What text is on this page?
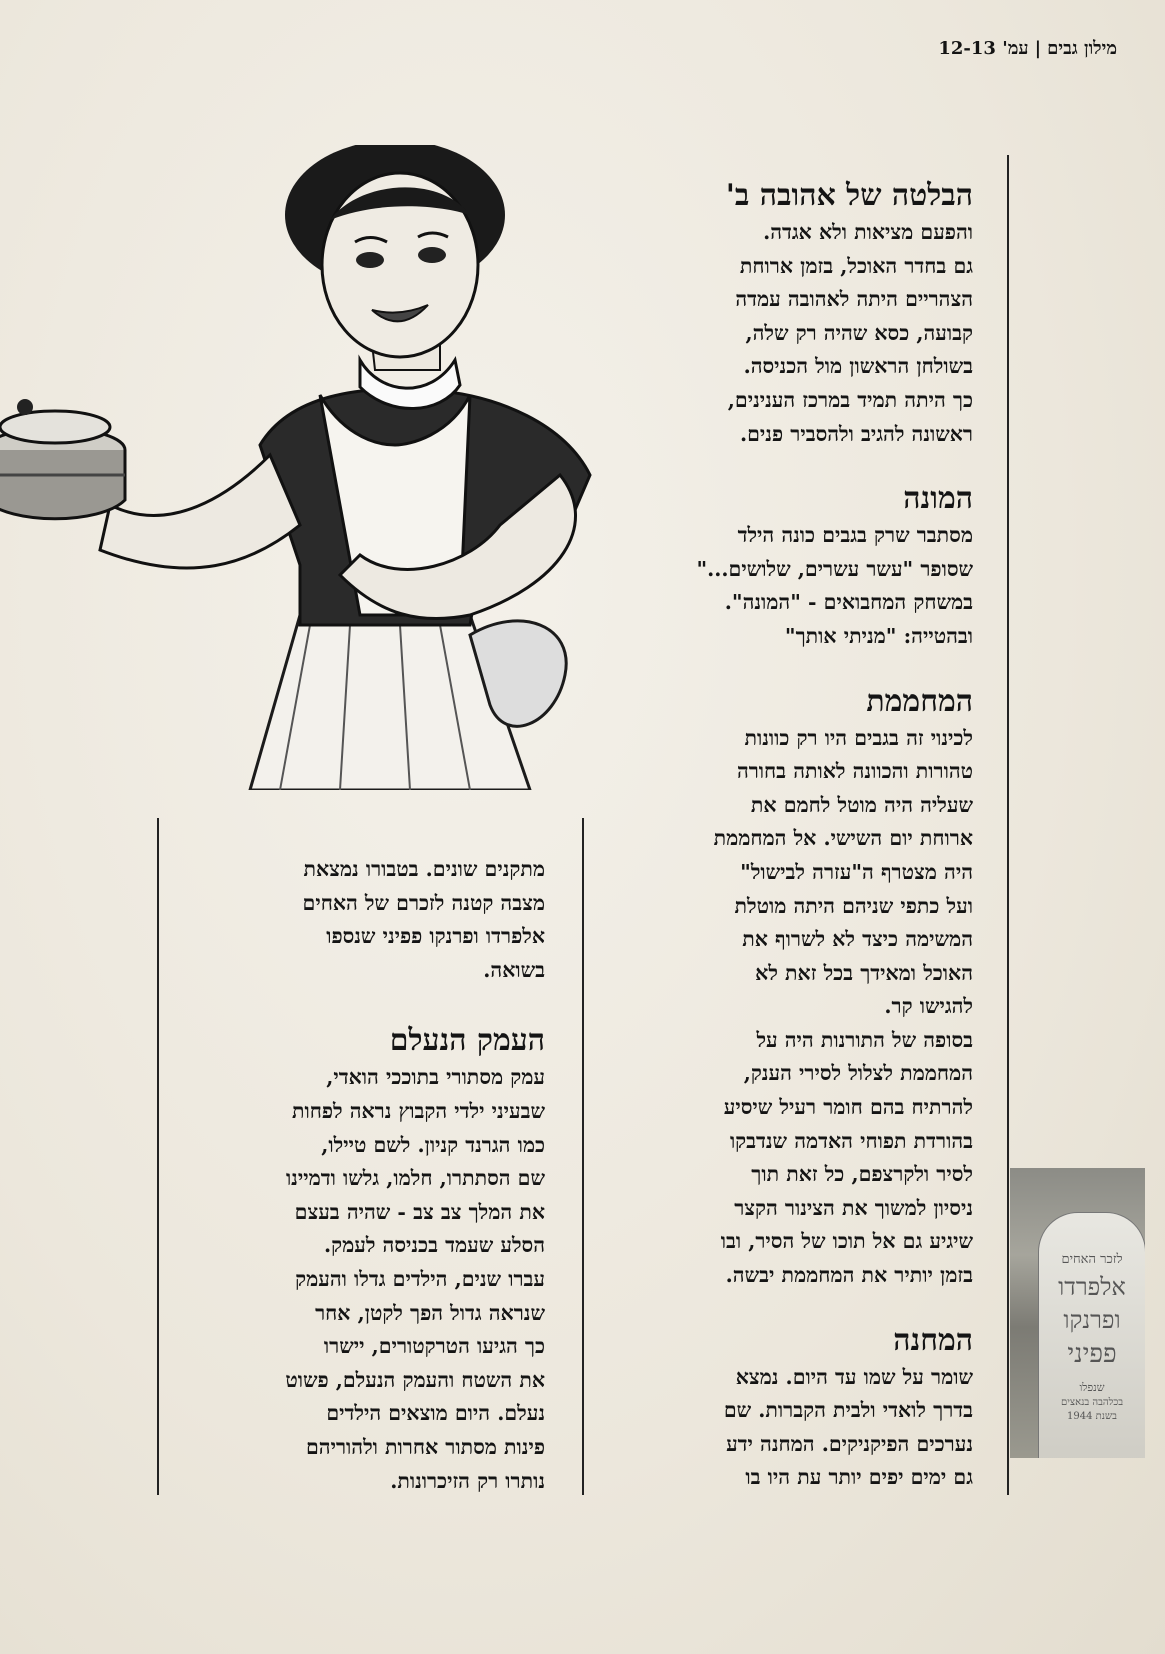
מילון גבים|עמ' 12-13
הבלטה של אהובה ב'

והפעם מציאות ולא אגדה.
גם בחדר האוכל, בזמן ארוחת
הצהריים היתה לאהובה עמדה
קבועה, כסא שהיה רק שלה,
בשולחן הראשון מול הכניסה.
כך היתה תמיד במרכז הענינים,
ראשונה להגיב ולהסביר פנים.

המונה

מסתבר שרק בגבים כונה הילד
שסופר "עשר עשרים, שלושים..."
במשחק המחבואים - "המונה".
ובהטייה: "מניתי אותך"

המחממת

לכינוי זה בגבים היו רק כוונות
טהורות והכוונה לאותה בחורה
שעליה היה מוטל לחמם את
ארוחת יום השישי. אל המחממת
היה מצטרף ה"עזרה לבישול"
ועל כתפי שניהם היתה מוטלת
המשימה כיצד לא לשרוף את
האוכל ומאידך בכל זאת לא
להגישו קר.
בסופה של התורנות היה על
המחממת לצלול לסירי הענק,
להרתיח בהם חומר רעיל שיסיע
בהורדת תפוחי האדמה שנדבקו
לסיר ולקרצפם, כל זאת תוך
ניסיון למשוך את הצינור הקצר
שיגיע גם אל תוכו של הסיר, ובו
בזמן יותיר את המחממת יבשה.

המחנה

שומר על שמו עד היום. נמצא
בדרך לואדי ולבית הקברות. שם
נערכים הפיקניקים. המחנה ידע
גם ימים יפים יותר עת היו בו

מתקנים שונים. בטבורו נמצאת
מצבה קטנה לזכרם של האחים
אלפרדו ופרנקו פפיני שנספו
בשואה.

העמק הנעלם

עמק מסתורי בתוככי הואדי,
שבעיני ילדי הקבוץ נראה לפחות
כמו הגרנד קניון. לשם טיילו,
שם הסתתרו, חלמו, גלשו ודמיינו
את המלך צב צב - שהיה בעצם
הסלע שעמד בכניסה לעמק.
עברו שנים, הילדים גדלו והעמק
שנראה גדול הפך לקטן, אחר
כך הגיעו הטרקטורים, יישרו
את השטח והעמק הנעלם, פשוט
נעלם. היום מוצאים הילדים
פינות מסתור אחרות ולהוריהם
נותרו רק הזיכרונות.

לזכר האחים
אלפרדו
ופרנקו
פפיני
שנפלו
בכלהבה בנאצים
בשנת 1944
